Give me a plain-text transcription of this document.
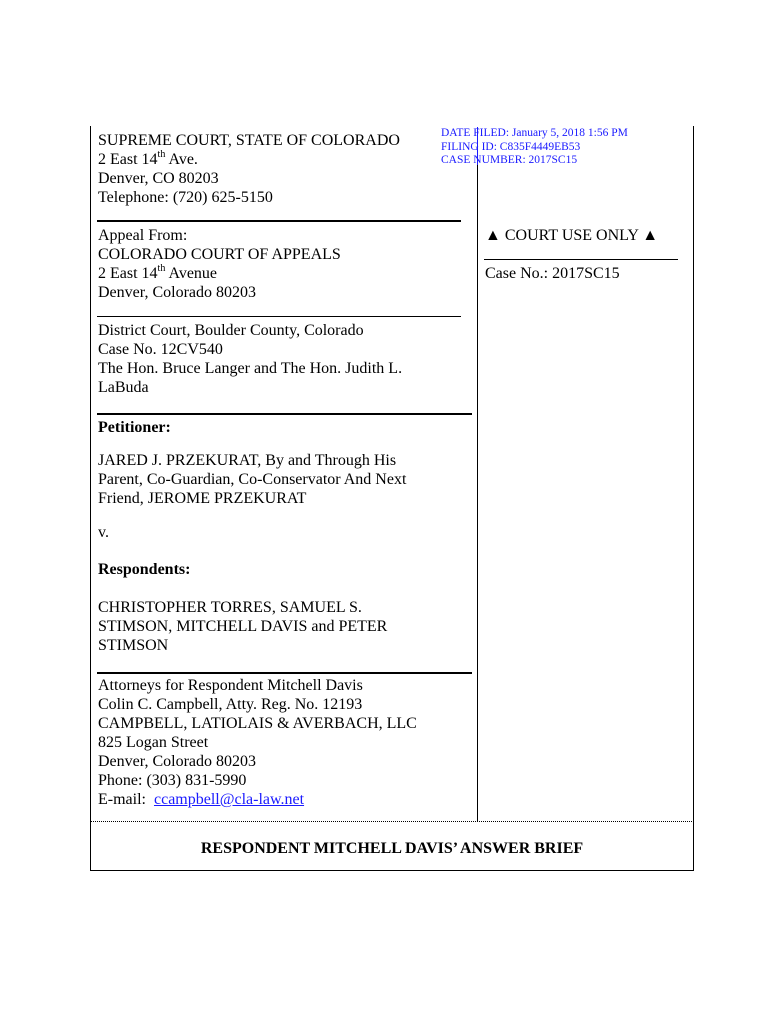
DATE FILED: January 5, 2018 1:56 PM
FILING ID: C835F4449EB53
CASE NUMBER: 2017SC15
SUPREME COURT, STATE OF COLORADO
2 East 14th Ave.
Denver, CO 80203
Telephone: (720) 625-5150
Appeal From:
COLORADO COURT OF APPEALS
2 East 14th Avenue
Denver, Colorado 80203
District Court, Boulder County, Colorado
Case No. 12CV540
The Hon. Bruce Langer and The Hon. Judith L.
LaBuda
Petitioner:
JARED J. PRZEKURAT, By and Through His
Parent, Co-Guardian, Co-Conservator And Next
Friend, JEROME PRZEKURAT
v.
Respondents:
CHRISTOPHER TORRES, SAMUEL S.
STIMSON, MITCHELL DAVIS and PETER
STIMSON
Attorneys for Respondent Mitchell Davis
Colin C. Campbell, Atty. Reg. No. 12193
CAMPBELL, LATIOLAIS & AVERBACH, LLC
825 Logan Street
Denver, Colorado 80203
Phone: (303) 831-5990
E-mail:  ccampbell@cla-law.net
▲ COURT USE ONLY ▲
Case No.: 2017SC15
RESPONDENT MITCHELL DAVIS’ ANSWER BRIEF
